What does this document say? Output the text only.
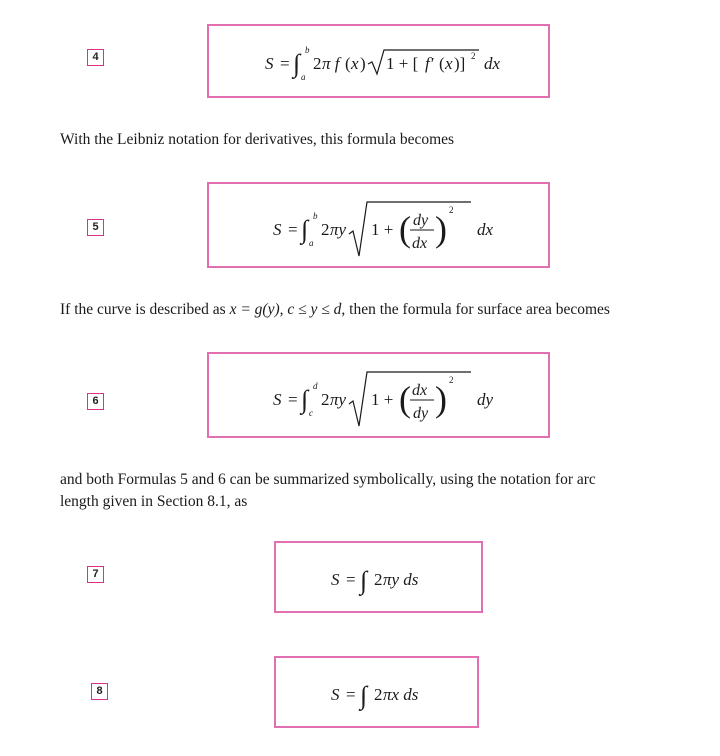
4	S = ∫ b
a
2 π f ( x ) 1 + [ f′ ( x )] 2 dx

With the Leibniz notation for derivatives, this formula becomes

5	S = ∫ b
a
2 πy 1 + ( dy
dx ) 2
dx

If the curve is described as x = g(y), c ≤ y ≤ d, then the formula for surface area becomes

6	S = ∫ d
c
2 πy 1 + ( dx
dy ) 2
dy

and both Formulas 5 and 6 can be summarized symbolically, using the notation for arc

length given in Section 8.1, as

7	S = ∫ 2 πy ds
8	S = ∫ 2 πx ds
